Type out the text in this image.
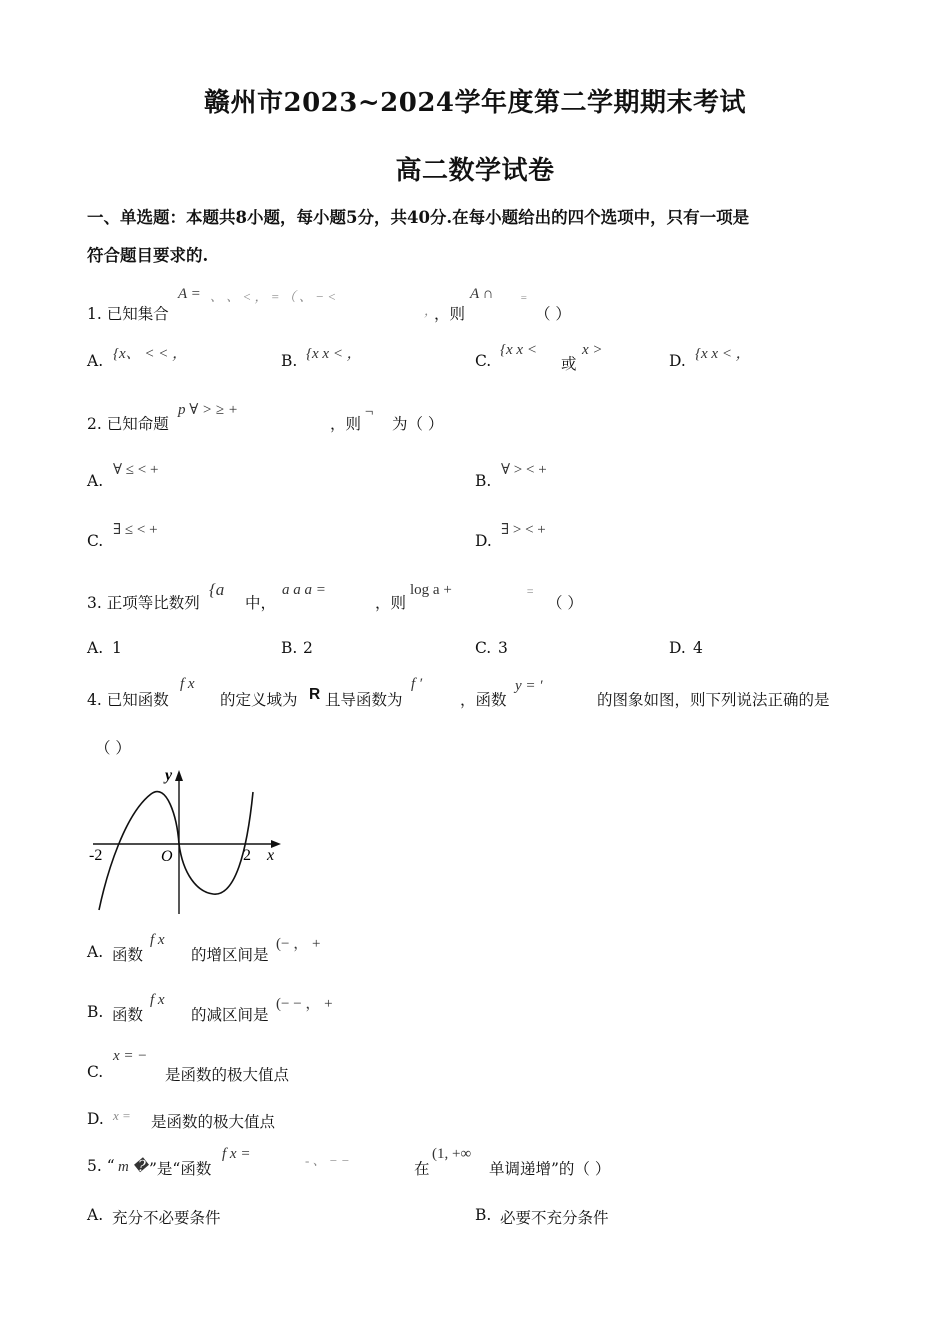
赣州市2023~2024学年度第二学期期末考试
高二数学试卷
一、单选题：本题共8小题，每小题5分，共40分.在每小题给出的四个选项中，只有一项是
符合题目要求的.
1. 已知集合
A = 、 、 < ， = （ 、 − <
，
，则
A ∩ =
（ ）
A. {x、 < < ，	B. {x x < ，	C.
{x x <
或
x >
D. {x x < ，
2. 已知命题
p ∀ > ≥ +
，则
¬
为（ ）
A.
∀ ≤ < +
B.
∀ > < +
C.
∃ ≤ < +
D.
∃ > < +
3. 正项等比数列
{a
中，
a a a =
，则
log a +	=
（ ）
A. 1	B. 2	C. 3	D. 4
4. 已知函数
f x
的定义域为 R 且导函数为
f ′
，函数
y = ′
的图象如图，则下列说法正确的是
（ ）
y
x
O
-2	2
A. 函数
f x
的增区间是
(− ， +
B. 函数
f x
的减区间是
(− − ， +
C.
x = −
是函数的极大值点
D. x = 是函数的极大值点
5. “ m � ”是“函数
f x =	- 、 − −	在
(1, +∞
单调递增”的（ ）
A. 充分不必要条件	B. 必要不充分条件
